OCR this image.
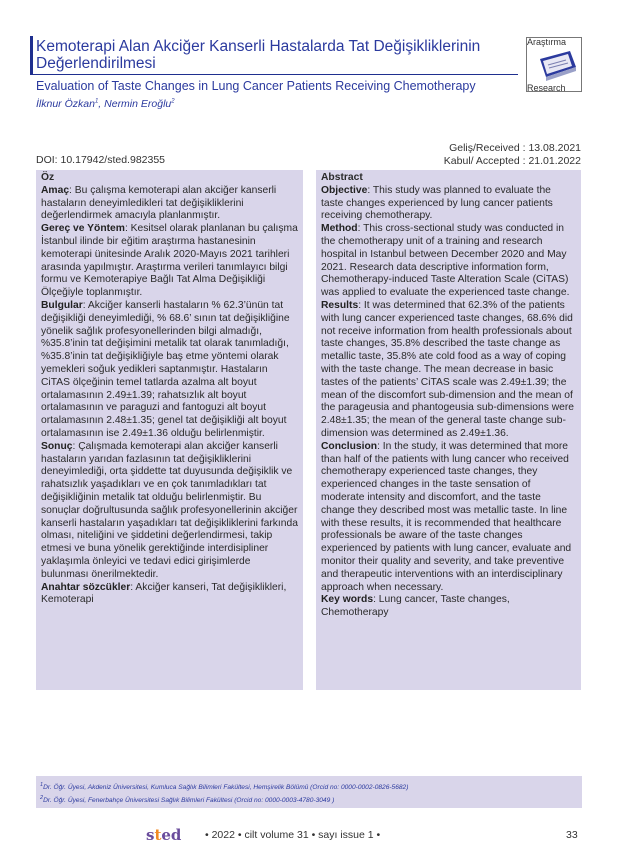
Kemoterapi Alan Akciğer Kanserli Hastalarda Tat Değişikliklerinin Değerlendirilmesi
Evaluation of Taste Changes in Lung Cancer Patients Receiving Chemotherapy
İlknur Özkan$^1$, Nermin Eroğlu$^2$
Araştırma
Research
Geliş/Received : 13.08.2021
Kabul/ Accepted : 21.01.2022
DOI: 10.17942/sted.982355

Öz

Amaç: Bu çalışma kemoterapi alan akciğer kanserli hastaların deneyimledikleri tat değişikliklerini değerlendirmek amacıyla planlanmıştır.

Gereç ve Yöntem: Kesitsel olarak planlanan bu çalışma İstanbul ilinde bir eğitim araştırma hastanesinin kemoterapi ünitesinde Aralık 2020-Mayıs 2021 tarihleri arasında yapılmıştır. Araştırma verileri tanımlayıcı bilgi formu ve Kemoterapiye Bağlı Tat Alma Değişikliği Ölçeğiyle toplanmıştır.

Bulgular: Akciğer kanserli hastaların % 62.3’ünün tat değişikliği deneyimlediği, % 68.6’ sının tat değişikliğine yönelik sağlık profesyonellerinden bilgi almadığı, %35.8’inin tat değişimini metalik tat olarak tanımladığı, %35.8’inin tat değişikliğiyle baş etme yöntemi olarak yemekleri soğuk yedikleri saptanmıştır. Hastaların CiTAS ölçeğinin temel tatlarda azalma alt boyut ortalamasının 2.49±1.39; rahatsızlık alt boyut ortalamasının ve paraguzi and fantoguzi alt boyut ortalamasının 2.48±1.35; genel tat değişikliği alt boyut ortalamasının ise 2.49±1.36 olduğu belirlenmiştir.

Sonuç: Çalışmada kemoterapi alan akciğer kanserli hastaların yarıdan fazlasının tat değişikliklerini deneyimlediği, orta şiddette tat duyusunda değişiklik ve rahatsızlık yaşadıkları ve en çok tanımladıkları tat değişikliğinin metalik tat olduğu belirlenmiştir. Bu sonuçlar doğrultusunda sağlık profesyonellerinin akciğer kanserli hastaların yaşadıkları tat değişikliklerini farkında olması, niteliğini ve şiddetini değerlendirmesi, takip etmesi ve buna yönelik gerektiğinde interdisipliner yaklaşımla önleyici ve tedavi edici girişimlerde bulunması önerilmektedir.

Anahtar sözcükler: Akciğer kanseri, Tat değişiklikleri, Kemoterapi

Abstract

Objective: This study was planned to evaluate the taste changes experienced by lung cancer patients receiving chemotherapy.

Method: This cross-sectional study was conducted in the chemotherapy unit of a training and research hospital in Istanbul between December 2020 and May 2021. Research data descriptive information form, Chemotherapy-induced Taste Alteration Scale (CiTAS) was applied to evaluate the experienced taste change.

Results: It was determined that 62.3% of the patients with lung cancer experienced taste changes, 68.6% did not receive information from health professionals about taste changes, 35.8% described the taste change as metallic taste, 35.8% ate cold food as a way of coping with the taste change. The mean decrease in basic tastes of the patients’ CiTAS scale was 2.49±1.39; the mean of the discomfort sub-dimension and the mean of the parageusia and phantogeusia sub-dimensions were 2.48±1.35; the mean of the general taste change sub-dimension was determined as 2.49±1.36.

Conclusion: In the study, it was determined that more than half of the patients with lung cancer who received chemotherapy experienced taste changes, they experienced changes in the taste sensation of moderate intensity and discomfort, and the taste change they described most was metallic taste. In line with these results, it is recommended that healthcare professionals be aware of the taste changes experienced by patients with lung cancer, evaluate and monitor their quality and severity, and take preventive and therapeutic interventions with an interdisciplinary approach when necessary.

Key words: Lung cancer, Taste changes, Chemotherapy

$^1$Dr. Öğr. Üyesi, Akdeniz Üniversitesi, Kumluca Sağlık Bilimleri Fakültesi, Hemşirelik Bölümü (Orcid no: 0000-0002-0826-5682)
$^2$Dr. Öğr. Üyesi, Fenerbahçe Üniversitesi Sağlık Bilimleri Fakültesi (Orcid no: 0000-0003-4780-3049 )
sted • 2022 • cilt volume 31 • sayı issue 1 •	33
